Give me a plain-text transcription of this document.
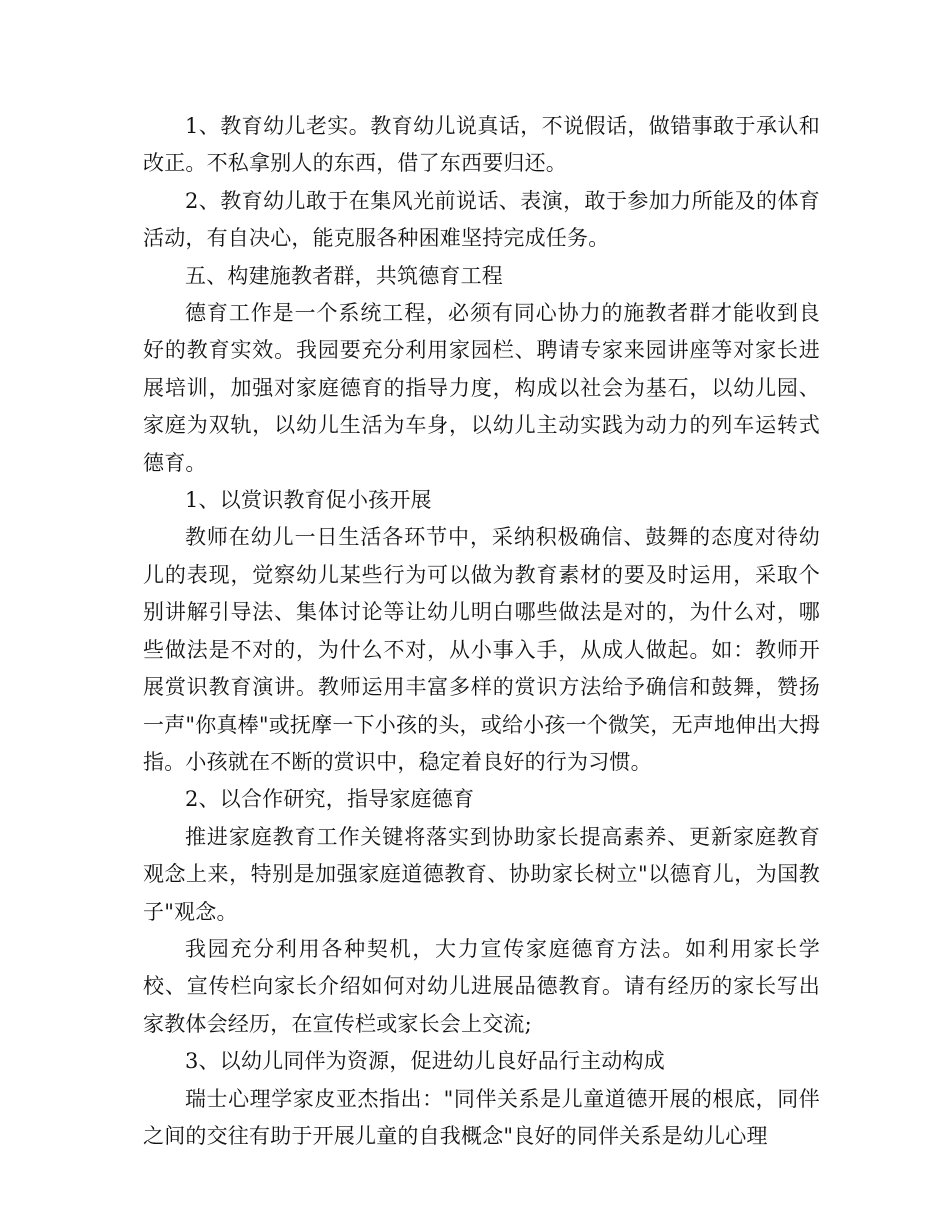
1、教育幼儿老实。教育幼儿说真话，不说假话，做错事敢于承认和改正。不私拿别人的东西，借了东西要归还。

2、教育幼儿敢于在集风光前说话、表演，敢于参加力所能及的体育活动，有自决心，能克服各种困难坚持完成任务。

五、构建施教者群，共筑德育工程

德育工作是一个系统工程，必须有同心协力的施教者群才能收到良好的教育实效。我园要充分利用家园栏、聘请专家来园讲座等对家长进展培训，加强对家庭德育的指导力度，构成以社会为基石，以幼儿园、家庭为双轨，以幼儿生活为车身，以幼儿主动实践为动力的列车运转式德育。

1、以赏识教育促小孩开展

教师在幼儿一日生活各环节中，采纳积极确信、鼓舞的态度对待幼儿的表现，觉察幼儿某些行为可以做为教育素材的要及时运用，采取个别讲解引导法、集体讨论等让幼儿明白哪些做法是对的，为什么对，哪些做法是不对的，为什么不对，从小事入手，从成人做起。如：教师开展赏识教育演讲。教师运用丰富多样的赏识方法给予确信和鼓舞，赞扬一声"你真棒"或抚摩一下小孩的头，或给小孩一个微笑，无声地伸出大拇指。小孩就在不断的赏识中，稳定着良好的行为习惯。

2、以合作研究，指导家庭德育

推进家庭教育工作关键将落实到协助家长提高素养、更新家庭教育观念上来，特别是加强家庭道德教育、协助家长树立"以德育儿，为国教子"观念。

我园充分利用各种契机，大力宣传家庭德育方法。如利用家长学校、宣传栏向家长介绍如何对幼儿进展品德教育。请有经历的家长写出家教体会经历，在宣传栏或家长会上交流;

3、以幼儿同伴为资源，促进幼儿良好品行主动构成

瑞士心理学家皮亚杰指出："同伴关系是儿童道德开展的根底，同伴之间的交往有助于开展儿童的自我概念"良好的同伴关系是幼儿心理
